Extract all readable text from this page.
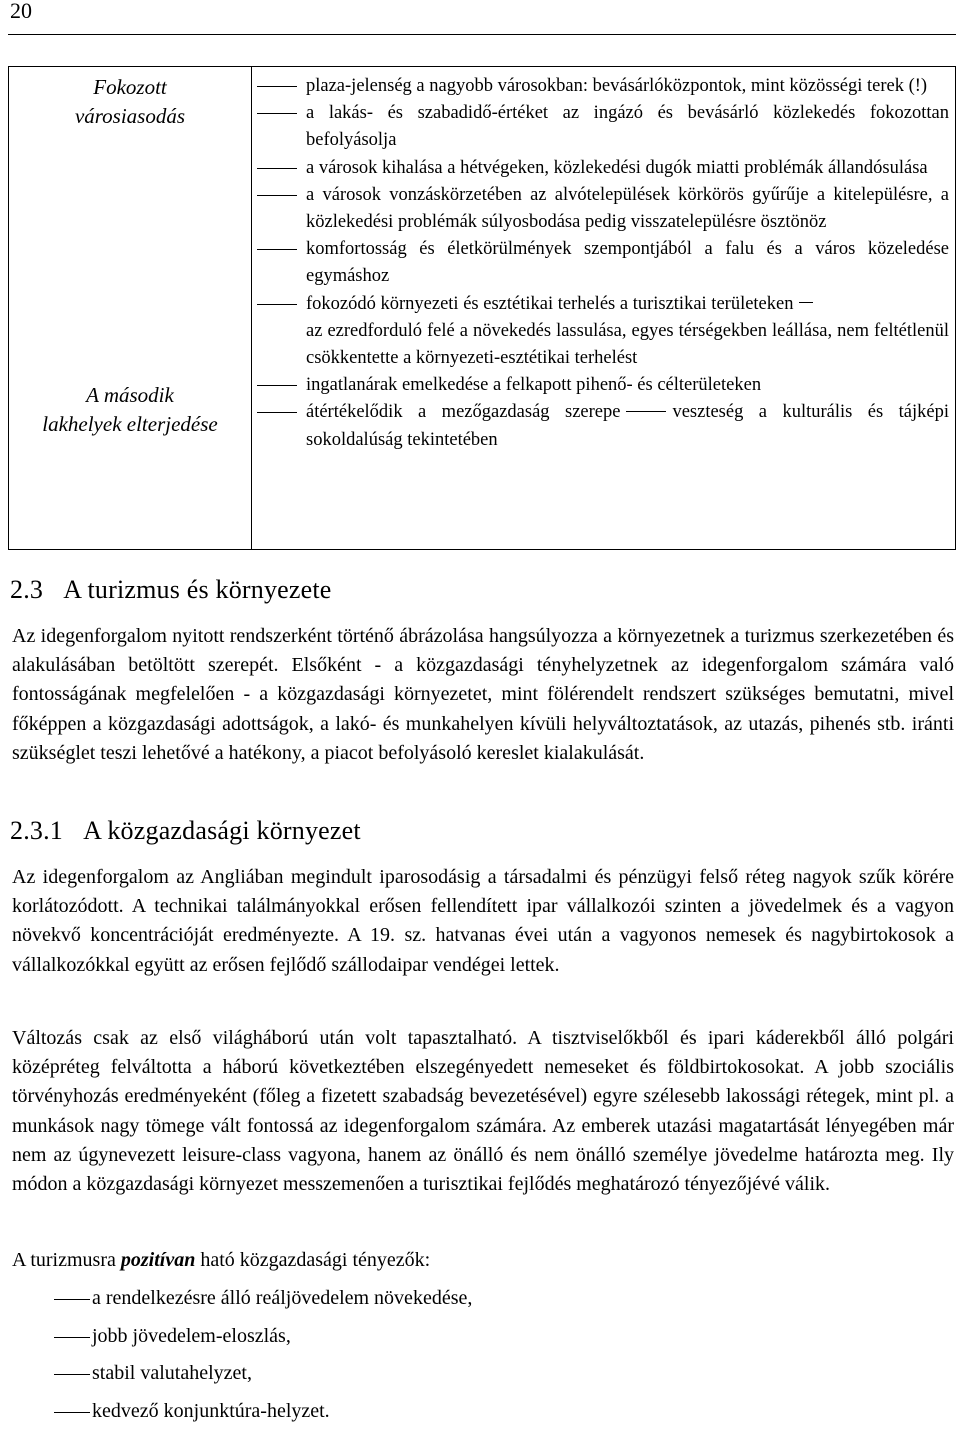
20
Fokozott
városiasodás
A második
lakhelyek elterjedése
plaza-jelenség a nagyobb városokban: bevásárlóközpontok, mint közösségi terek (!)
a lakás- és szabadidő-értéket az ingázó és bevásárló közlekedés fokozottan befolyásolja
a városok kihalása a hétvégeken, közlekedési dugók miatti problémák állandósulása
a városok vonzáskörzetében az alvótelepülések körkörös gyűrűje a kitelepülésre, a közlekedési problémák súlyosbodása pedig visszatelepülésre ösztönöz
komfortosság és életkörülmények szempontjából a falu és a város közeledése egymáshoz
fokozódó környezeti és esztétikai terhelés a turisztikai területeken
az ezredforduló felé a növekedés lassulása, egyes térségekben leállása, nem feltétlenül csökkentette a környezeti-esztétikai terhelést
ingatlanárak emelkedése a felkapott pihenő- és célterületeken
átértékelődik a mezőgazdaság szerepe	veszteség a kulturális és tájképi sokoldalúság tekintetében
2.3 A turizmus és környezete
Az idegenforgalom nyitott rendszerként történő ábrázolása hangsúlyozza a környezetnek a turizmus szerkezetében és alakulásában betöltött szerepét. Elsőként - a közgazdasági tényhelyzetnek az idegenforgalom számára való fontosságának megfelelően - a közgazdasági környezetet, mint fölérendelt rendszert szükséges bemutatni, mivel főképpen a közgazdasági adottságok, a lakó- és munkahelyen kívüli helyváltoztatások, az utazás, pihenés stb. iránti szükséglet teszi lehetővé a hatékony, a piacot befolyásoló kereslet kialakulását.
2.3.1 A közgazdasági környezet
Az idegenforgalom az Angliában megindult iparosodásig a társadalmi és pénzügyi felső réteg nagyok szűk körére korlátozódott. A technikai találmányokkal erősen fellendített ipar vállalkozói szinten a jövedelmek és a vagyon növekvő koncentrációját eredményezte. A 19. sz. hatvanas évei után a vagyonos nemesek és nagybirtokosok a vállalkozókkal együtt az erősen fejlődő szállodaipar vendégei lettek.
Változás csak az első világháború után volt tapasztalható. A tisztviselőkből és ipari káderekből álló polgári középréteg felváltotta a háború következtében elszegényedett nemeseket és földbirtokosokat. A jobb szociális törvényhozás eredményeként (főleg a fizetett szabadság bevezetésével) egyre szélesebb lakossági rétegek, mint pl. a munkások nagy tömege vált fontossá az idegenforgalom számára. Az emberek utazási magatartását lényegében már nem az úgynevezett leisure-class vagyona, hanem az önálló és nem önálló személye jövedelme határozta meg. Ily módon a közgazdasági környezet messzemenően a turisztikai fejlődés meghatározó tényezőjévé válik.
A turizmusra pozitívan ható közgazdasági tényezők:
a rendelkezésre álló reáljövedelem növekedése,
jobb jövedelem-eloszlás,
stabil valutahelyzet,
kedvező konjunktúra-helyzet.
